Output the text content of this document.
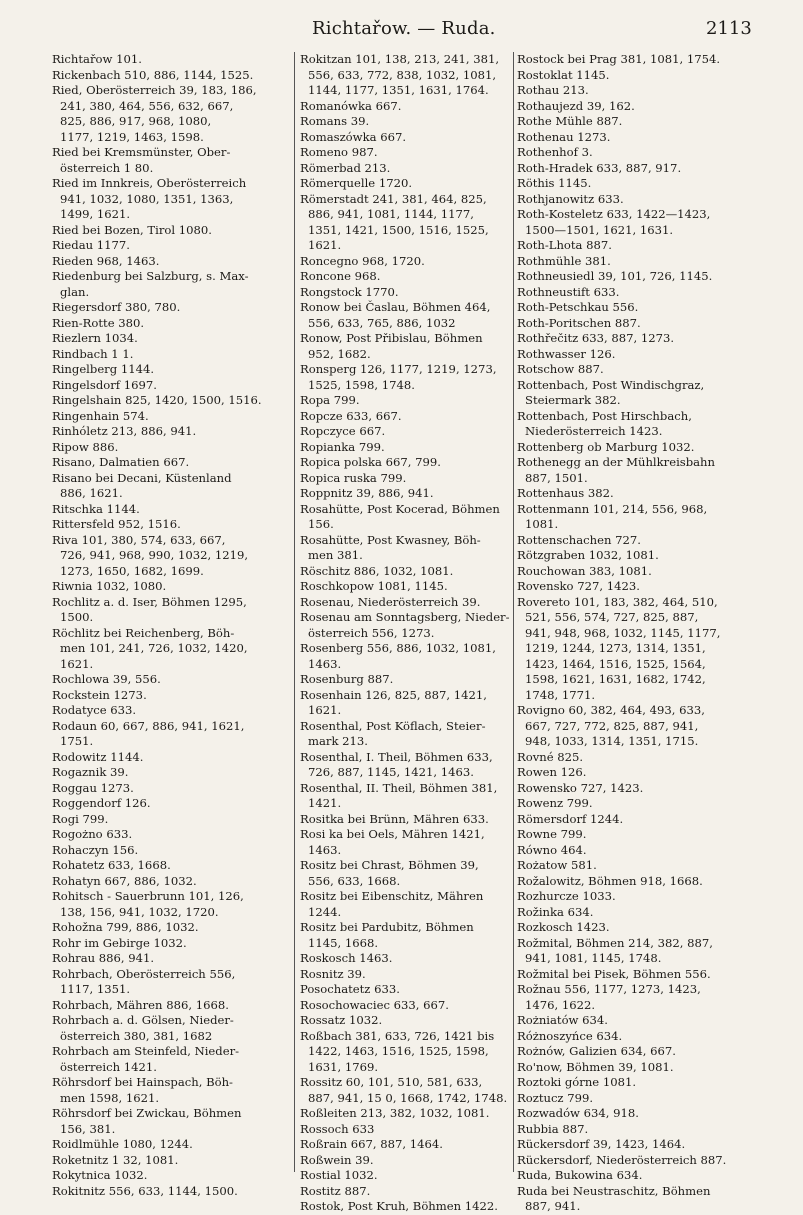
Richtařow. — Ruda.	2113
Richtařow 101.
Rickenbach 510, 886, 1144, 1525.
Ried, Oberösterreich 39, 183, 186,
241, 380, 464, 556, 632, 667,
825, 886, 917, 968, 1080,
1177, 1219, 1463, 1598.
Ried bei Kremsmünster, Ober-
österreich 1 80.
Ried im Innkreis, Oberösterreich
941, 1032, 1080, 1351, 1363,
1499, 1621.
Ried bei Bozen, Tirol 1080.
Riedau 1177.
Rieden 968, 1463.
Riedenburg bei Salzburg, s. Max-
glan.
Riegersdorf 380, 780.
Rien-Rotte 380.
Riezlern 1034.
Rindbach 1 1.
Ringelberg 1144.
Ringelsdorf 1697.
Ringelshain 825, 1420, 1500, 1516.
Ringenhain 574.
Rinhóletz 213, 886, 941.
Ripow 886.
Risano, Dalmatien 667.
Risano bei Decani, Küstenland
886, 1621.
Ritschka 1144.
Rittersfeld 952, 1516.
Riva 101, 380, 574, 633, 667,
726, 941, 968, 990, 1032, 1219,
1273, 1650, 1682, 1699.
Riwnia 1032, 1080.
Rochlitz a. d. Iser, Böhmen 1295,
1500.
Röchlitz bei Reichenberg, Böh-
men 101, 241, 726, 1032, 1420,
1621.
Rochlowa 39, 556.
Rockstein 1273.
Rodatyce 633.
Rodaun 60, 667, 886, 941, 1621,
1751.
Rodowitz 1144.
Rogaznik 39.
Roggau 1273.
Roggendorf 126.
Rogi 799.
Rogożno 633.
Rohaczyn 156.
Rohatetz 633, 1668.
Rohatyn 667, 886, 1032.
Rohitsch - Sauerbrunn 101, 126,
138, 156, 941, 1032, 1720.
Rohožna 799, 886, 1032.
Rohr im Gebirge 1032.
Rohrau 886, 941.
Rohrbach, Oberösterreich 556,
1117, 1351.
Rohrbach, Mähren 886, 1668.
Rohrbach a. d. Gölsen, Nieder-
österreich 380, 381, 1682
Rohrbach am Steinfeld, Nieder-
österreich 1421.
Röhrsdorf bei Hainspach, Böh-
men 1598, 1621.
Röhrsdorf bei Zwickau, Böhmen
156, 381.
Roidlmühle 1080, 1244.
Roketnitz 1 32, 1081.
Rokytnica 1032.
Rokitnitz 556, 633, 1144, 1500.
Rokitzan 101, 138, 213, 241, 381,
556, 633, 772, 838, 1032, 1081,
1144, 1177, 1351, 1631, 1764.
Romanówka 667.
Romans 39.
Romaszówka 667.
Romeno 987.
Römerbad 213.
Römerquelle 1720.
Römerstadt 241, 381, 464, 825,
886, 941, 1081, 1144, 1177,
1351, 1421, 1500, 1516, 1525,
1621.
Roncegno 968, 1720.
Roncone 968.
Rongstock 1770.
Ronow bei Časlau, Böhmen 464,
556, 633, 765, 886, 1032
Ronow, Post Přibislau, Böhmen
952, 1682.
Ronsperg 126, 1177, 1219, 1273,
1525, 1598, 1748.
Ropa 799.
Ropcze 633, 667.
Ropczyce 667.
Ropianka 799.
Ropica polska 667, 799.
Ropica ruska 799.
Roppnitz 39, 886, 941.
Rosahütte, Post Kocerad, Böhmen
156.
Rosahütte, Post Kwasney, Böh-
men 381.
Röschitz 886, 1032, 1081.
Roschkopow 1081, 1145.
Rosenau, Niederösterreich 39.
Rosenau am Sonntagsberg, Nieder-
österreich 556, 1273.
Rosenberg 556, 886, 1032, 1081,
1463.
Rosenburg 887.
Rosenhain 126, 825, 887, 1421,
1621.
Rosenthal, Post Köflach, Steier-
mark 213.
Rosenthal, I. Theil, Böhmen 633,
726, 887, 1145, 1421, 1463.
Rosenthal, II. Theil, Böhmen 381,
1421.
Rositka bei Brünn, Mähren 633.
Rosi ka bei Oels, Mähren 1421,
1463.
Rositz bei Chrast, Böhmen 39,
556, 633, 1668.
Rositz bei Eibenschitz, Mähren
1244.
Rositz bei Pardubitz, Böhmen
1145, 1668.
Roskosch 1463.
Rosnitz 39.
Posochatetz 633.
Rosochowaciec 633, 667.
Rossatz 1032.
Roßbach 381, 633, 726, 1421 bis
1422, 1463, 1516, 1525, 1598,
1631, 1769.
Rossitz 60, 101, 510, 581, 633,
887, 941, 15 0, 1668, 1742, 1748.
Roßleiten 213, 382, 1032, 1081.
Rossoch 633
Roßrain 667, 887, 1464.
Roßwein 39.
Rostial 1032.
Rostitz 887.
Rostok, Post Kruh, Böhmen 1422.
Rostock bei Prag 381, 1081, 1754.
Rostoklat 1145.
Rothau 213.
Rothaujezd 39, 162.
Rothe Mühle 887.
Rothenau 1273.
Rothenhof 3.
Roth-Hradek 633, 887, 917.
Röthis 1145.
Rothjanowitz 633.
Roth-Kosteletz 633, 1422—1423,
1500—1501, 1621, 1631.
Roth-Lhota 887.
Rothmühle 381.
Rothneusiedl 39, 101, 726, 1145.
Rothneustift 633.
Roth-Petschkau 556.
Roth-Poritschen 887.
Rothřečitz 633, 887, 1273.
Rothwasser 126.
Rotschow 887.
Rottenbach, Post Windischgraz,
Steiermark 382.
Rottenbach, Post Hirschbach,
Niederösterreich 1423.
Rottenberg ob Marburg 1032.
Rothenegg an der Mühlkreisbahn
887, 1501.
Rottenhaus 382.
Rottenmann 101, 214, 556, 968,
1081.
Rottenschachen 727.
Rötzgraben 1032, 1081.
Rouchowan 383, 1081.
Rovensko 727, 1423.
Rovereto 101, 183, 382, 464, 510,
521, 556, 574, 727, 825, 887,
941, 948, 968, 1032, 1145, 1177,
1219, 1244, 1273, 1314, 1351,
1423, 1464, 1516, 1525, 1564,
1598, 1621, 1631, 1682, 1742,
1748, 1771.
Rovigno 60, 382, 464, 493, 633,
667, 727, 772, 825, 887, 941,
948, 1033, 1314, 1351, 1715.
Rovné 825.
Rowen 126.
Rowensko 727, 1423.
Rowenz 799.
Römersdorf 1244.
Rowne 799.
Równo 464.
Rożatow 581.
Rožalowitz, Böhmen 918, 1668.
Rozhurcze 1033.
Rožinka 634.
Rozkosch 1423.
Rožmital, Böhmen 214, 382, 887,
941, 1081, 1145, 1748.
Rožmital bei Pisek, Böhmen 556.
Rožnau 556, 1177, 1273, 1423,
1476, 1622.
Rożniatów 634.
Różnoszyńce 634.
Rożnów, Galizien 634, 667.
Ro'now, Böhmen 39, 1081.
Roztoki górne 1081.
Roztucz 799.
Rozwadów 634, 918.
Rubbia 887.
Rückersdorf 39, 1423, 1464.
Rückersdorf, Niederösterreich 887.
Ruda, Bukowina 634.
Ruda bei Neustraschitz, Böhmen
887, 941.
